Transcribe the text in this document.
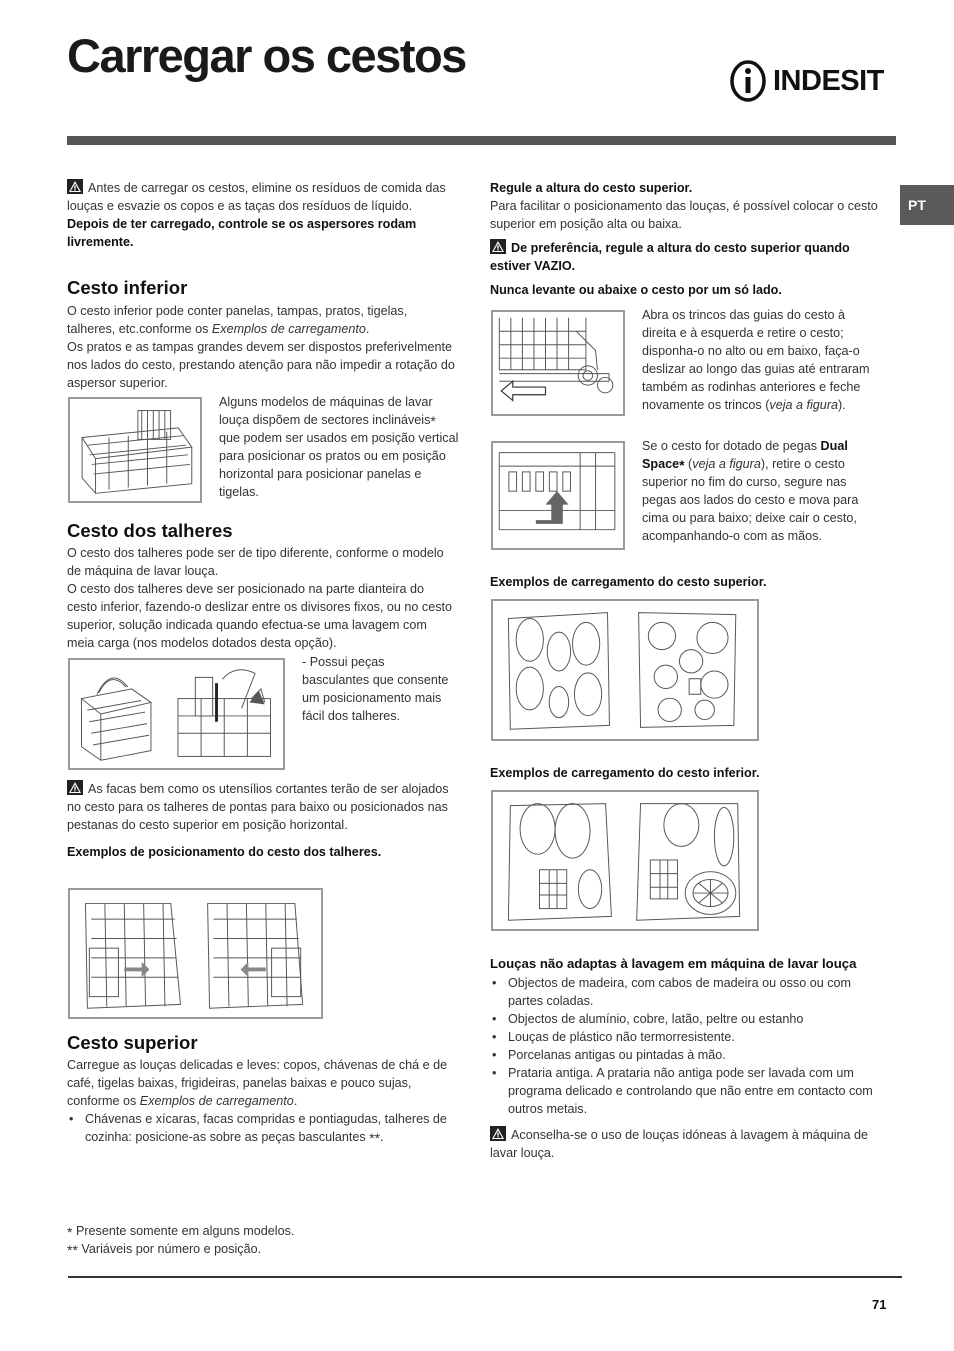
Carregar os cestos	INDESIT
PT

Antes de carregar os cestos, elimine os resíduos de comida das louças e esvazie os copos e as taças dos resíduos de líquido.

Depois de ter carregado, controle se os aspersores rodam livremente.

Cesto inferior

O cesto inferior pode conter panelas, tampas, pratos, tigelas, talheres, etc.conforme os Exemplos de carregamento.

Os pratos e as tampas grandes devem ser dispostos preferivelmente nos lados do cesto, prestando atenção para não impedir a rotação do aspersor superior.

Alguns modelos de máquinas de lavar louça dispõem de sectores inclináveis* que podem ser usados em posição vertical para posicionar os pratos ou em posição horizontal para posicionar panelas e tigelas.

Cesto dos talheres

O cesto dos talheres pode ser de tipo diferente, conforme o modelo de máquina de lavar louça.

O cesto dos talheres deve ser posicionado na parte dianteira do cesto inferior, fazendo-o deslizar entre os divisores fixos, ou no cesto superior, solução indicada quando efectua-se uma lavagem com meia carga (nos modelos dotados desta opção).

- Possui peças basculantes que consente um posicionamento mais fácil dos talheres.

As facas bem como os utensílios cortantes terão de ser alojados no cesto para os talheres de pontas para baixo ou posicionados nas pestanas do cesto superior em posição horizontal.

Exemplos de posicionamento do cesto dos talheres.

Cesto superior

Carregue as louças delicadas e leves: copos, chávenas de chá e de café, tigelas baixas, frigideiras, panelas baixas e pouco sujas, conforme os Exemplos de carregamento.

• Chávenas e xícaras, facas compridas e pontiagudas, talheres de cozinha: posicione-as sobre as peças basculantes **.

Regule a altura do cesto superior.

Para facilitar o posicionamento das louças, é possível colocar o cesto superior em posição alta ou baixa.

De preferência, regule a altura do cesto superior quando estiver VAZIO.

Nunca levante ou abaixe o cesto por um só lado.

Abra os trincos das guias do cesto à direita e à esquerda e retire o cesto; disponha-o no alto ou em baixo, faça-o deslizar ao longo das guias até entraram também as rodinhas anteriores e feche novamente os trincos (veja a figura).

Se o cesto for dotado de pegas Dual Space* (veja a figura), retire o cesto superior no fim do curso, segure nas pegas aos lados do cesto e mova para cima ou para baixo; deixe cair o cesto, acompanhando-o com as mãos.

Exemplos de carregamento do cesto superior.

Exemplos de carregamento do cesto inferior.

Louças não adaptas à lavagem em máquina de lavar louça

• Objectos de madeira, com cabos de madeira ou osso ou com partes coladas.
• Objectos de alumínio, cobre, latão, peltre ou estanho
• Louças de plástico não termorresistente.
• Porcelanas antigas ou pintadas à mão.
• Prataria antiga. A prataria não antiga pode ser lavada com um programa delicado e controlando que não entre em contacto com outros metais.

Aconselha-se o uso de louças idóneas à lavagem à máquina de lavar louça.

* Presente somente em alguns modelos.

** Variáveis por número e posição.

71
